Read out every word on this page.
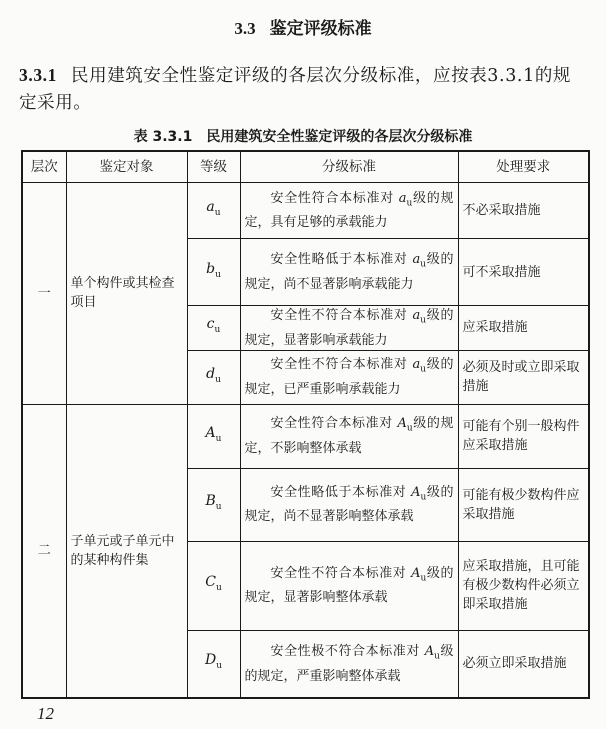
3.3 鉴定评级标准
3.3.1 民用建筑安全性鉴定评级的各层次分级标准，应按表3.3.1的规定采用。
表 3.3.1 民用建筑安全性鉴定评级的各层次分级标准
层次	鉴定对象	等级	分级标准	处理要求
一	单个构件或其检查项目	$a_u$	安全性符合本标准对 $a_u$级的规定，具有足够的承载能力	不必采取措施
		$b_u$	安全性略低于本标准对 $a_u$级的规定，尚不显著影响承载能力	可不采取措施
		$c_u$	安全性不符合本标准对 $a_u$级的规定，显著影响承载能力	应采取措施
		$d_u$	安全性不符合本标准对 $a_u$级的规定，已严重影响承载能力	必须及时或立即采取措施
二	子单元或子单元中的某种构件集	$A_u$	安全性符合本标准对 $A_u$级的规定，不影响整体承载	可能有个别一般构件应采取措施
		$B_u$	安全性略低于本标准对 $A_u$级的规定，尚不显著影响整体承载	可能有极少数构件应采取措施
		$C_u$	安全性不符合本标准对 $A_u$级的规定，显著影响整体承载	应采取措施，且可能有极少数构件必须立即采取措施
		$D_u$	安全性极不符合本标准对 $A_u$级的规定，严重影响整体承载	必须立即采取措施
12
